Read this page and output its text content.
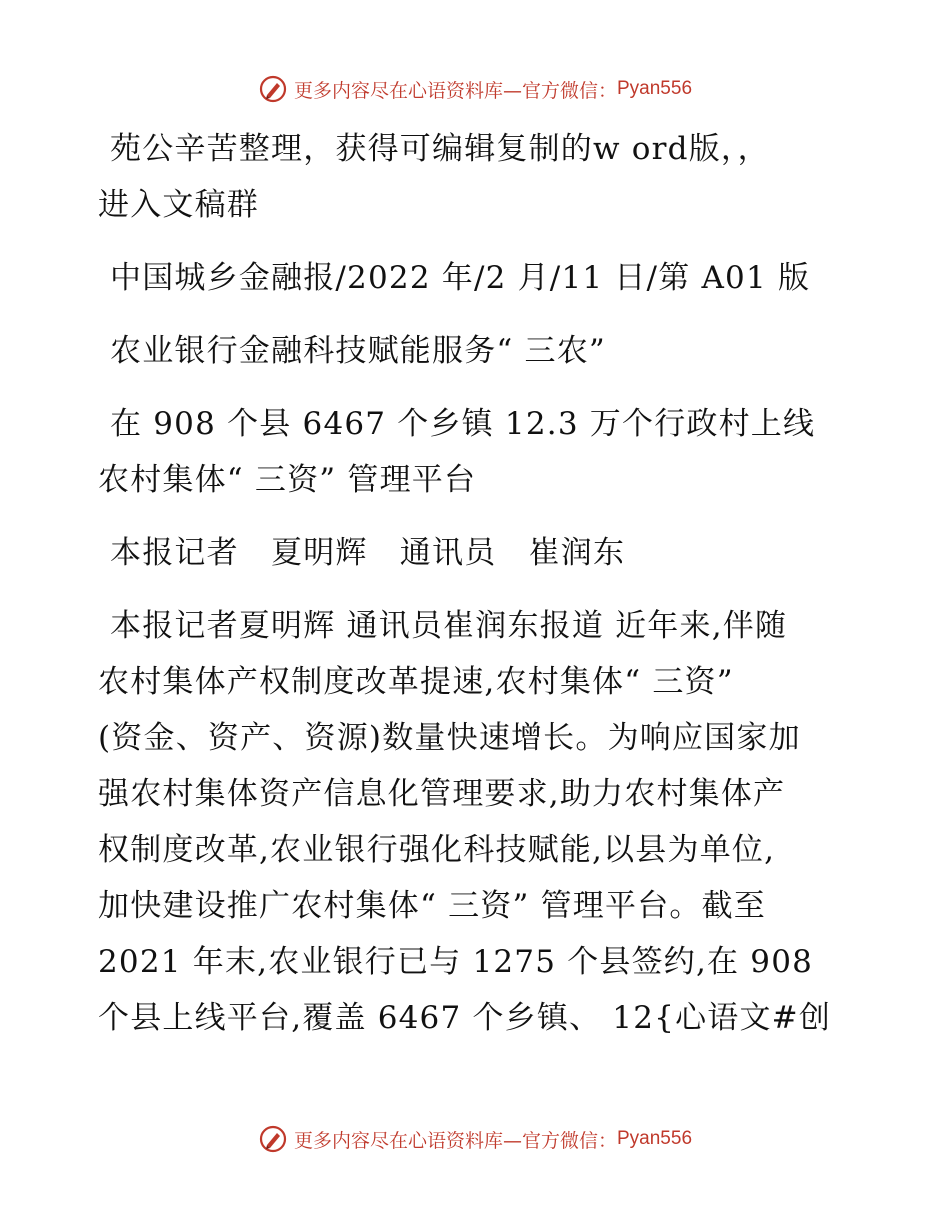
更多内容尽在心语资料库—官方微信： Pyan556
苑公辛苦整理，获得可编辑复制的w ord版，，
进入文稿群
中国城乡金融报/2022 年/2 月/11 日/第 A01 版
农业银行金融科技赋能服务“ 三农”
在 908 个县 6467 个乡镇 12.3 万个行政村上线
农村集体“ 三资” 管理平台
本报记者　夏明辉　通讯员　崔润东
本报记者夏明辉 通讯员崔润东报道 近年来,伴随
农村集体产权制度改革提速,农村集体“ 三资”
(资金、资产、资源)数量快速增长。为响应国家加
强农村集体资产信息化管理要求,助力农村集体产
权制度改革,农业银行强化科技赋能,以县为单位,
加快建设推广农村集体“ 三资” 管理平台。截至
2021 年末,农业银行已与 1275 个县签约,在 908
个县上线平台,覆盖 6467 个乡镇、 12{心语文#创
更多内容尽在心语资料库—官方微信： Pyan556
